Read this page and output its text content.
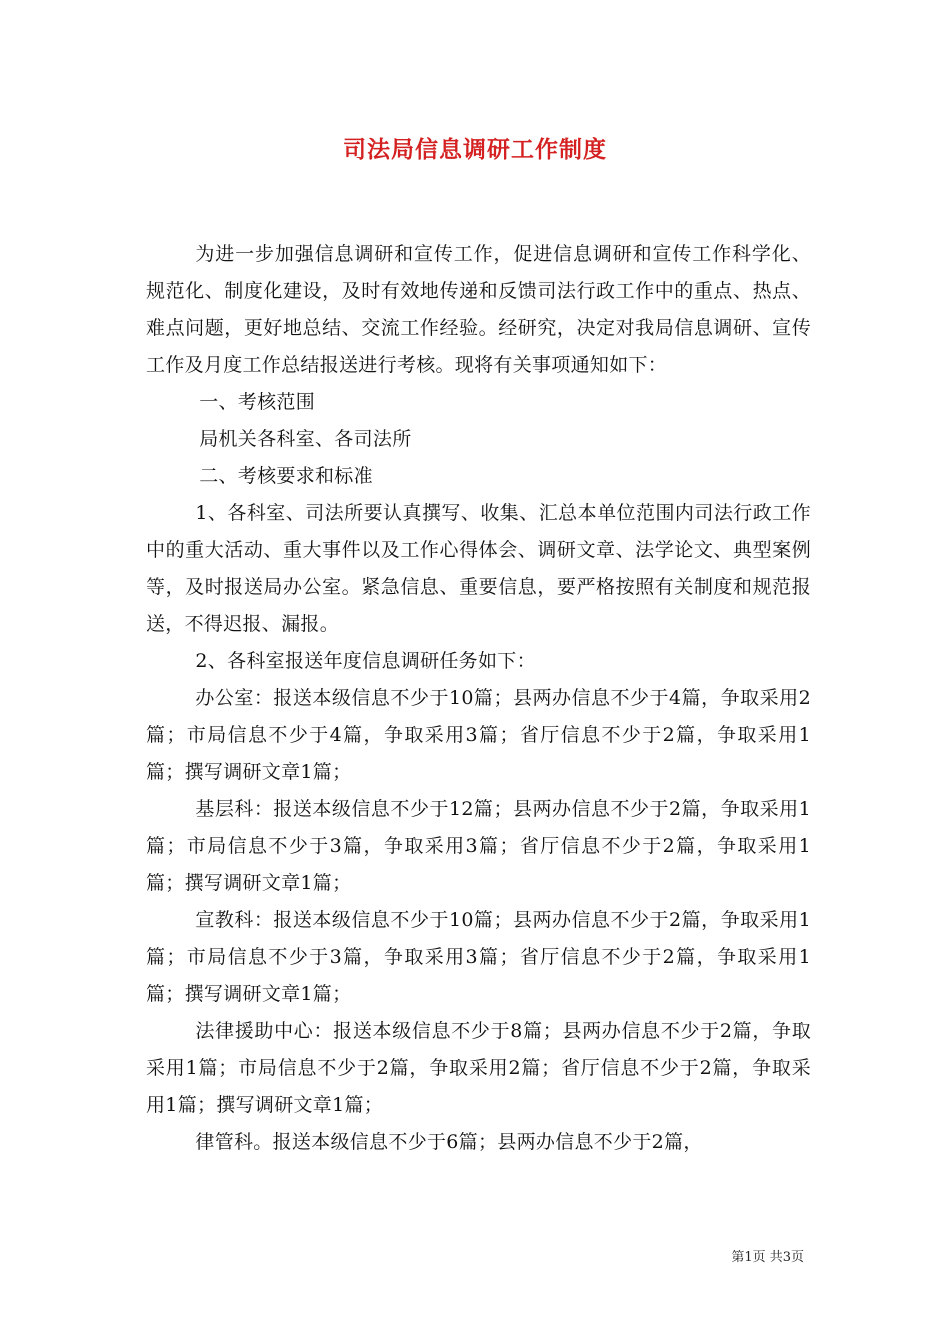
司法局信息调研工作制度

为进一步加强信息调研和宣传工作，促进信息调研和宣传工作科学化、规范化、制度化建设，及时有效地传递和反馈司法行政工作中的重点、热点、难点问题，更好地总结、交流工作经验。经研究，决定对我局信息调研、宣传工作及月度工作总结报送进行考核。现将有关事项通知如下：

一、考核范围

局机关各科室、各司法所

二、考核要求和标准

1、各科室、司法所要认真撰写、收集、汇总本单位范围内司法行政工作中的重大活动、重大事件以及工作心得体会、调研文章、法学论文、典型案例等，及时报送局办公室。紧急信息、重要信息，要严格按照有关制度和规范报送，不得迟报、漏报。

2、各科室报送年度信息调研任务如下：

办公室：报送本级信息不少于10篇；县两办信息不少于4篇，争取采用2篇；市局信息不少于4篇，争取采用3篇；省厅信息不少于2篇，争取采用1篇；撰写调研文章1篇；

基层科：报送本级信息不少于12篇；县两办信息不少于2篇，争取采用1篇；市局信息不少于3篇，争取采用3篇；省厅信息不少于2篇，争取采用1篇；撰写调研文章1篇；

宣教科：报送本级信息不少于10篇；县两办信息不少于2篇，争取采用1篇；市局信息不少于3篇，争取采用3篇；省厅信息不少于2篇，争取采用1篇；撰写调研文章1篇；

法律援助中心：报送本级信息不少于8篇；县两办信息不少于2篇，争取采用1篇；市局信息不少于2篇，争取采用2篇；省厅信息不少于2篇，争取采用1篇；撰写调研文章1篇；

律管科。报送本级信息不少于6篇；县两办信息不少于2篇，

第1页 共3页
